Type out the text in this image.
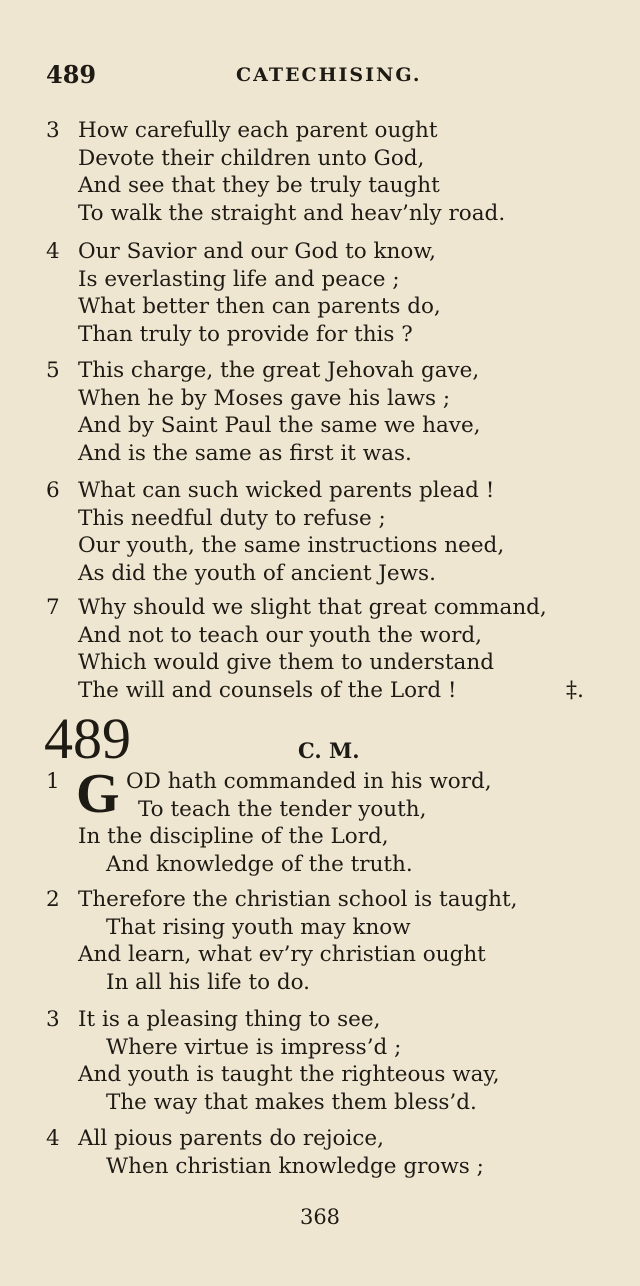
489	CATECHISING.
3 How carefully each parent ought
Devote their children unto God,
And see that they be truly taught
To walk the straight and heav’nly road.
4 Our Savior and our God to know,
Is everlasting life and peace ;
What better then can parents do,
Than truly to provide for this ?
5 This charge, the great Jehovah gave,
When he by Moses gave his laws ;
And by Saint Paul the same we have,
And is the same as first it was.
6 What can such wicked parents plead !
This needful duty to refuse ;
Our youth, the same instructions need,
As did the youth of ancient Jews.
7 Why should we slight that great command,
And not to teach our youth the word,
Which would give them to understand
The will and counsels of the Lord !	‡.
489	C. M.
1 G OD hath commanded in his word,
To teach the tender youth,
In the discipline of the Lord,
And knowledge of the truth.
2 Therefore the christian school is taught,
That rising youth may know
And learn, what ev’ry christian ought
In all his life to do.
3 It is a pleasing thing to see,
Where virtue is impress’d ;
And youth is taught the righteous way,
The way that makes them bless’d.
4 All pious parents do rejoice,
When christian knowledge grows ;
368
